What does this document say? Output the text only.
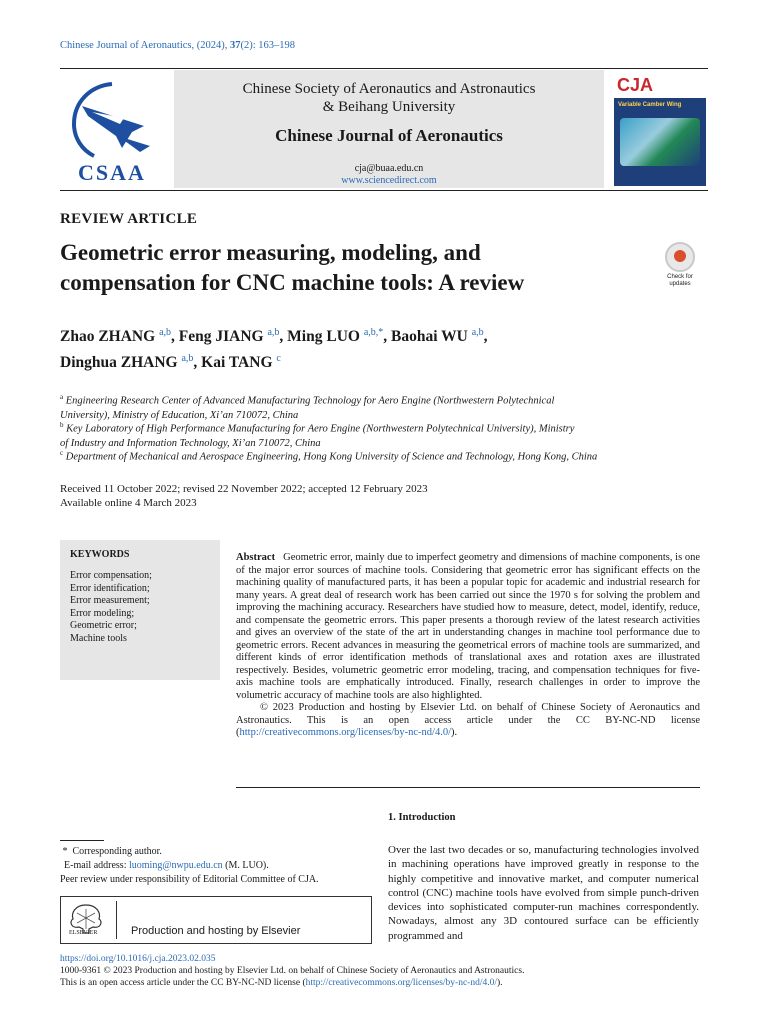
Chinese Journal of Aeronautics, (2024), 37(2): 163–198
CSAA
Chinese Society of Aeronautics and Astronautics
& Beihang University
Chinese Journal of Aeronautics
cja@buaa.edu.cn
www.sciencedirect.com
CJA
Variable Camber Wing
REVIEW ARTICLE
Geometric error measuring, modeling, and
compensation for CNC machine tools: A review	Check for updates
Zhao ZHANG $^{a,b}$, Feng JIANG $^{a,b}$, Ming LUO $^{a,b,*}$, Baohai WU $^{a,b}$,
Dinghua ZHANG $^{a,b}$, Kai TANG $^c$
$^a$ Engineering Research Center of Advanced Manufacturing Technology for Aero Engine (Northwestern Polytechnical
University), Ministry of Education, Xi’an 710072, China
$^b$ Key Laboratory of High Performance Manufacturing for Aero Engine (Northwestern Polytechnical University), Ministry
of Industry and Information Technology, Xi’an 710072, China
$^c$ Department of Mechanical and Aerospace Engineering, Hong Kong University of Science and Technology, Hong Kong, China
Received 11 October 2022; revised 22 November 2022; accepted 12 February 2023
Available online 4 March 2023
KEYWORDS
Error compensation;
Error identification;
Error measurement;
Error modeling;
Geometric error;
Machine tools
Abstract Geometric error, mainly due to imperfect geometry and dimensions of machine components, is one of the major error sources of machine tools. Considering that geometric error has significant effects on the machining quality of manufactured parts, it has been a popular topic for academic and industrial research for many years. A great deal of research work has been carried out since the 1970 s for solving the problem and improving the machining accuracy. Researchers have studied how to measure, detect, model, identify, reduce, and compensate the geometric errors. This paper presents a thorough review of the latest research activities and gives an overview of the state of the art in understanding changes in machine tool performance due to geometric errors. Recent advances in measuring the geometrical errors of machine tools are summarized, and different kinds of error identification methods of translational axes and rotation axes are illustrated respectively. Besides, volumetric geometric error modeling, tracing, and compensation techniques for five-axis machine tools are emphatically introduced. Finally, research challenges in order to improve the volumetric accuracy of machine tools are also highlighted.
© 2023 Production and hosting by Elsevier Ltd. on behalf of Chinese Society of Aeronautics and Astronautics. This is an open access article under the CC BY-NC-ND license (http://creativecommons.org/licenses/by-nc-nd/4.0/).
1. Introduction
Over the last two decades or so, manufacturing technologies involved in machining operations have improved greatly in response to the highly competitive and innovative market, and computer numerical control (CNC) machine tools have evolved from simple punch-driven devices into sophisticated computer-run machines correspondently. Nowadays, almost any 3D contoured surface can be efficiently programmed and
* Corresponding author.
E-mail address: luoming@nwpu.edu.cn (M. LUO).
Peer review under responsibility of Editorial Committee of CJA.
ELSEVIER	Production and hosting by Elsevier
https://doi.org/10.1016/j.cja.2023.02.035
1000-9361 © 2023 Production and hosting by Elsevier Ltd. on behalf of Chinese Society of Aeronautics and Astronautics.
This is an open access article under the CC BY-NC-ND license (http://creativecommons.org/licenses/by-nc-nd/4.0/).
